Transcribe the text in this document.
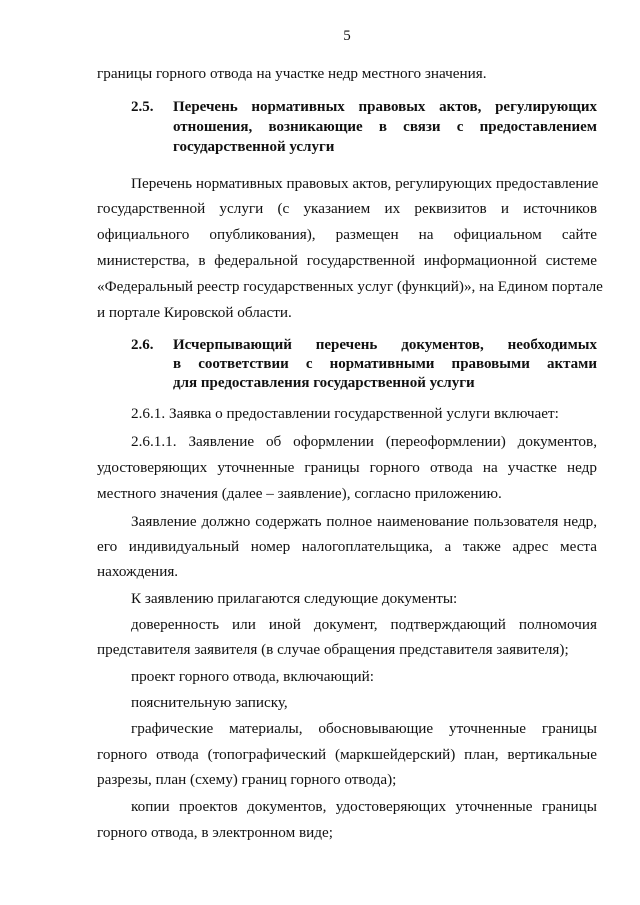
5
границы горного отвода на участке недр местного значения.
2.5. Перечень нормативных правовых актов, регулирующих
отношения, возникающие в связи с предоставлением
государственной услуги
Перечень нормативных правовых актов, регулирующих предоставление
государственной услуги (с указанием их реквизитов и источников
официального опубликования), размещен на официальном сайте
министерства, в федеральной государственной информационной системе
«Федеральный реестр государственных услуг (функций)», на Едином портале
и портале Кировской области.
2.6. Исчерпывающий перечень документов, необходимых
в соответствии с нормативными правовыми актами
для предоставления государственной услуги
2.6.1. Заявка о предоставлении государственной услуги включает:
2.6.1.1. Заявление об оформлении (переоформлении) документов,
удостоверяющих уточненные границы горного отвода на участке недр
местного значения (далее – заявление), согласно приложению.
Заявление должно содержать полное наименование пользователя недр,
его индивидуальный номер налогоплательщика, а также адрес места
нахождения.
К заявлению прилагаются следующие документы:
доверенность или иной документ, подтверждающий полномочия
представителя заявителя (в случае обращения представителя заявителя);
проект горного отвода, включающий:
пояснительную записку,
графические материалы, обосновывающие уточненные границы
горного отвода (топографический (маркшейдерский) план, вертикальные
разрезы, план (схему) границ горного отвода);
копии проектов документов, удостоверяющих уточненные границы
горного отвода, в электронном виде;
